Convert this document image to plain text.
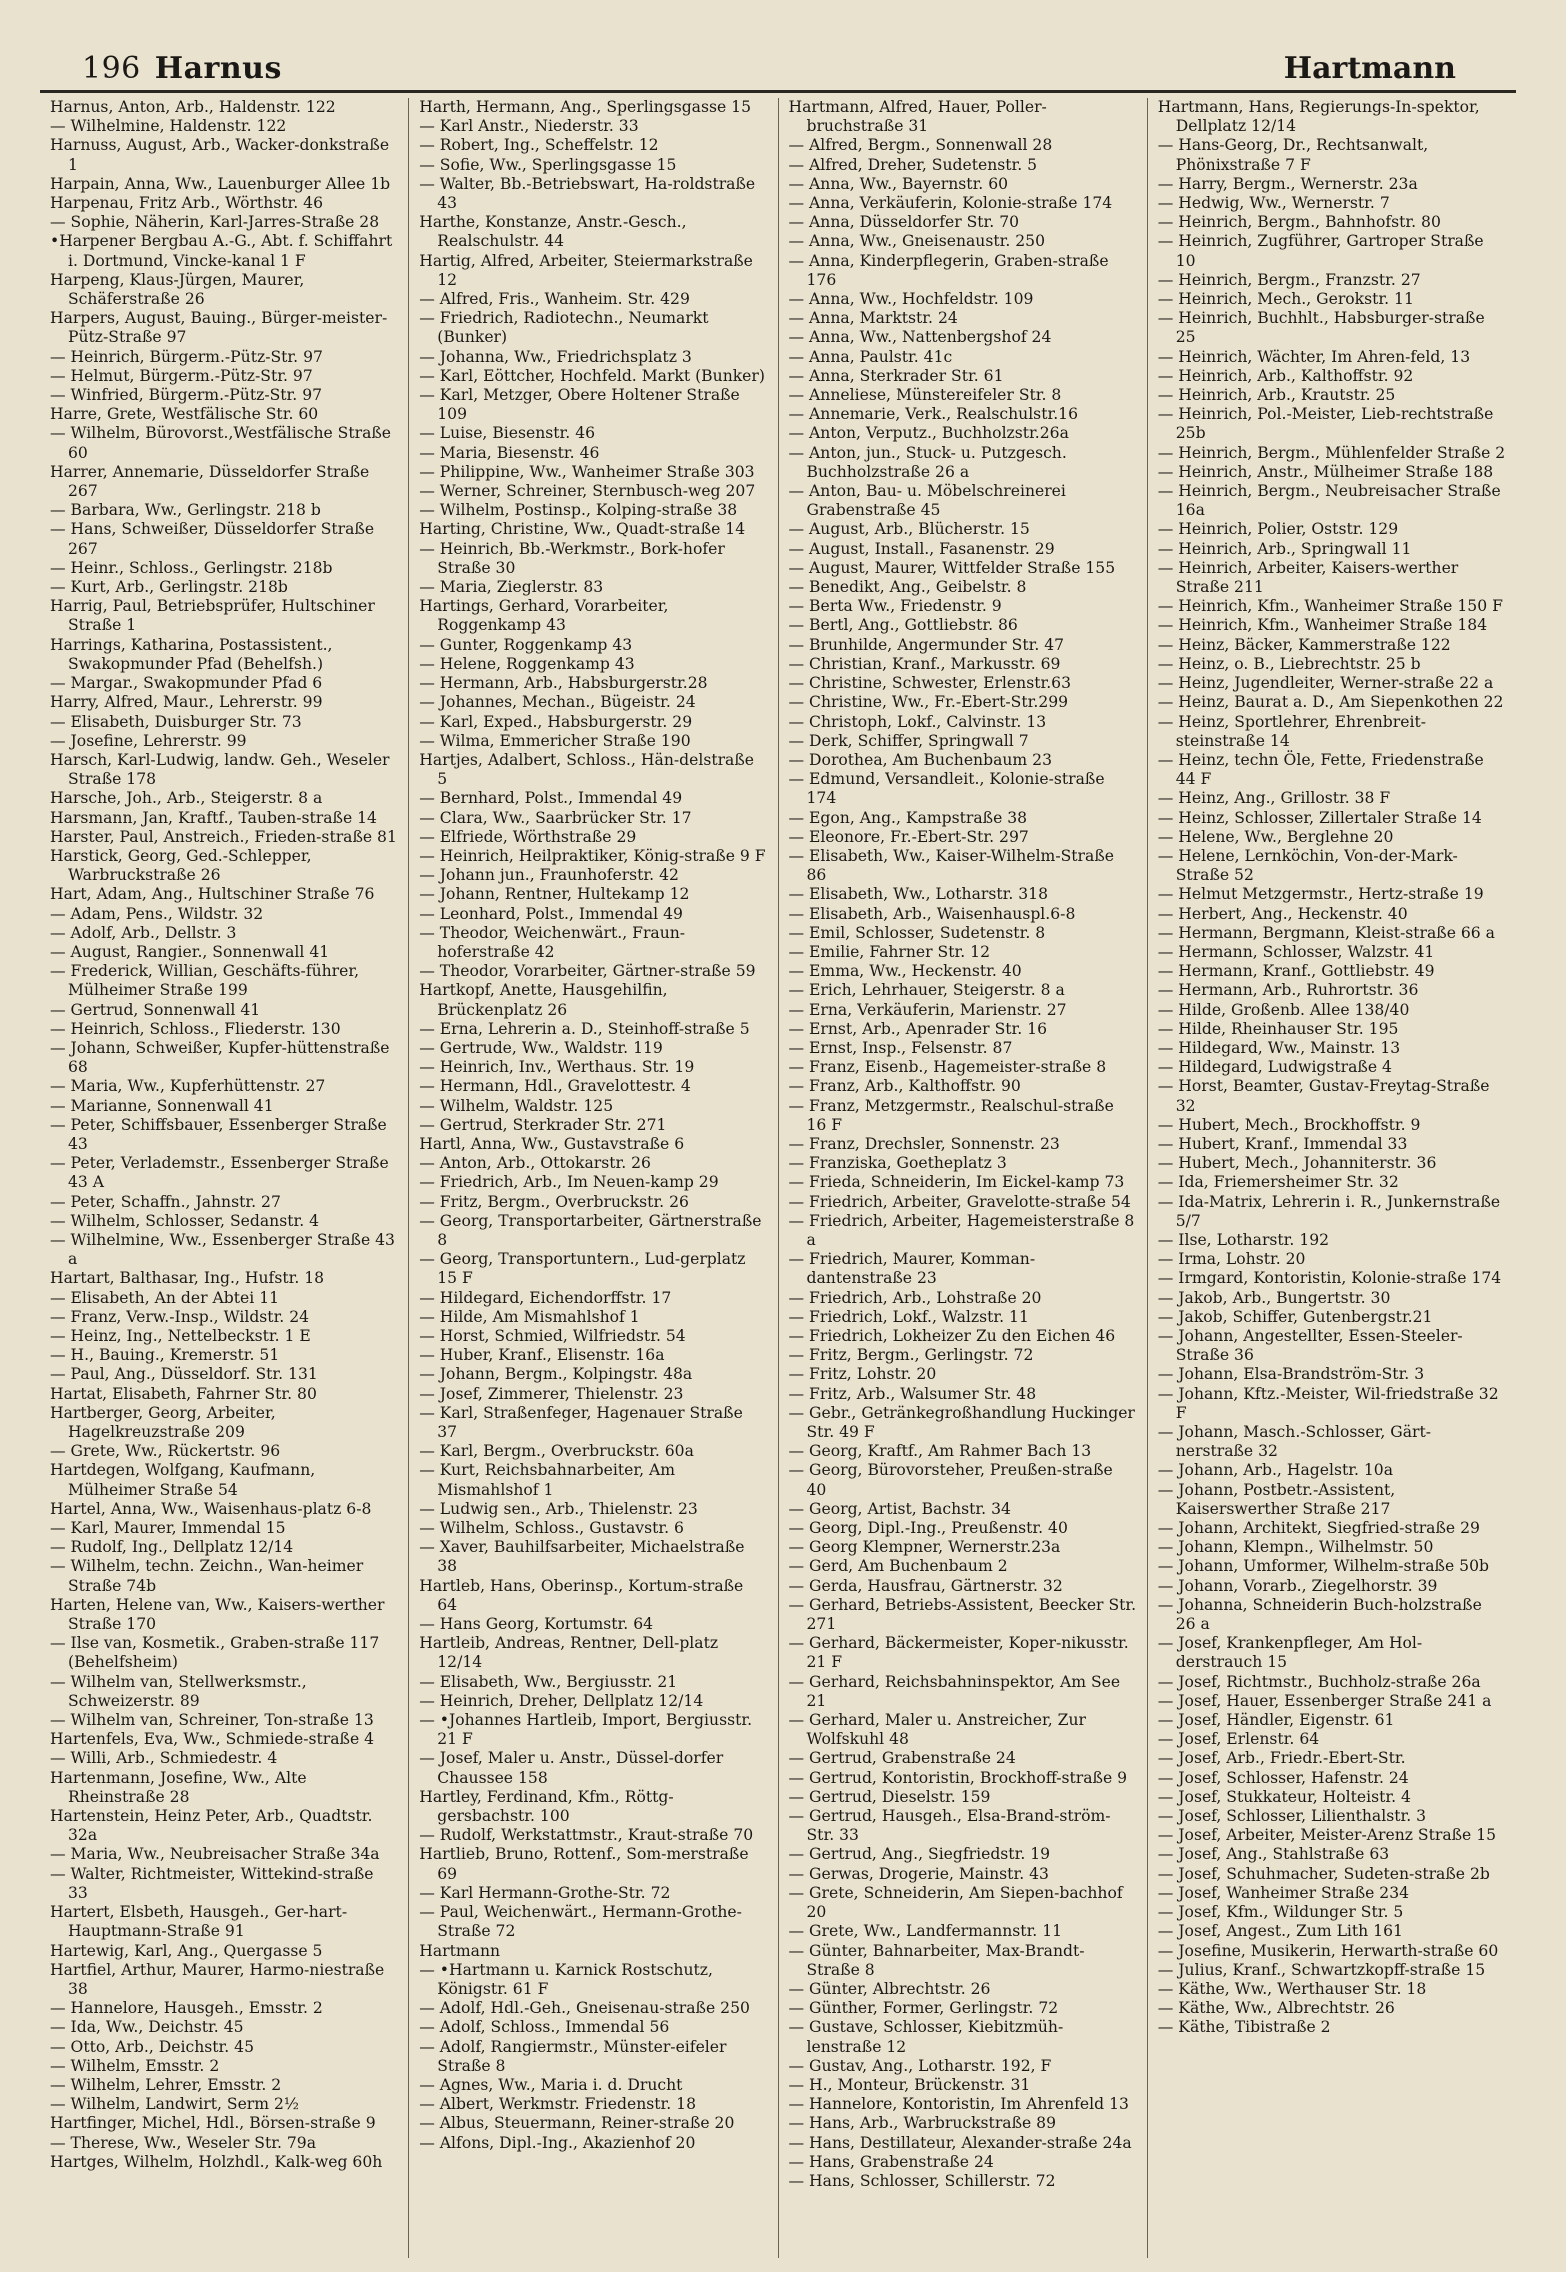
196 Harnus	Hartmann
Harnus, Anton, Arb., Haldenstr. 122
— Wilhelmine, Haldenstr. 122
Harnuss, August, Arb., Wacker-donkstraße 1
Harpain, Anna, Ww., Lauenburger Allee 1b
Harpenau, Fritz Arb., Wörthstr. 46
— Sophie, Näherin, Karl-Jarres-Straße 28
•Harpener Bergbau A.-G., Abt. f. Schiffahrt i. Dortmund, Vincke-kanal 1 F
Harpeng, Klaus-Jürgen, Maurer, Schäferstraße 26
Harpers, August, Bauing., Bürger-meister-Pütz-Straße 97
— Heinrich, Bürgerm.-Pütz-Str. 97
— Helmut, Bürgerm.-Pütz-Str. 97
— Winfried, Bürgerm.-Pütz-Str. 97
Harre, Grete, Westfälische Str. 60
— Wilhelm, Bürovorst.,Westfälische Straße 60
Harrer, Annemarie, Düsseldorfer Straße 267
— Barbara, Ww., Gerlingstr. 218 b
— Hans, Schweißer, Düsseldorfer Straße 267
— Heinr., Schloss., Gerlingstr. 218b
— Kurt, Arb., Gerlingstr. 218b
Harrig, Paul, Betriebsprüfer, Hultschiner Straße 1
Harrings, Katharina, Postassistent., Swakopmunder Pfad (Behelfsh.)
— Margar., Swakopmunder Pfad 6
Harry, Alfred, Maur., Lehrerstr. 99
— Elisabeth, Duisburger Str. 73
— Josefine, Lehrerstr. 99
Harsch, Karl-Ludwig, landw. Geh., Weseler Straße 178
Harsche, Joh., Arb., Steigerstr. 8 a
Harsmann, Jan, Kraftf., Tauben-straße 14
Harster, Paul, Anstreich., Frieden-straße 81
Harstick, Georg, Ged.-Schlepper, Warbruckstraße 26
Hart, Adam, Ang., Hultschiner Straße 76
— Adam, Pens., Wildstr. 32
— Adolf, Arb., Dellstr. 3
— August, Rangier., Sonnenwall 41
— Frederick, Willian, Geschäfts-führer, Mülheimer Straße 199
— Gertrud, Sonnenwall 41
— Heinrich, Schloss., Fliederstr. 130
— Johann, Schweißer, Kupfer-hüttenstraße 68
— Maria, Ww., Kupferhüttenstr. 27
— Marianne, Sonnenwall 41
— Peter, Schiffsbauer, Essenberger Straße 43
— Peter, Verlademstr., Essenberger Straße 43 A
— Peter, Schaffn., Jahnstr. 27
— Wilhelm, Schlosser, Sedanstr. 4
— Wilhelmine, Ww., Essenberger Straße 43 a
Hartart, Balthasar, Ing., Hufstr. 18
— Elisabeth, An der Abtei 11
— Franz, Verw.-Insp., Wildstr. 24
— Heinz, Ing., Nettelbeckstr. 1 E
— H., Bauing., Kremerstr. 51
— Paul, Ang., Düsseldorf. Str. 131
Hartat, Elisabeth, Fahrner Str. 80
Hartberger, Georg, Arbeiter, Hagelkreuzstraße 209
— Grete, Ww., Rückertstr. 96
Hartdegen, Wolfgang, Kaufmann, Mülheimer Straße 54
Hartel, Anna, Ww., Waisenhaus-platz 6-8
— Karl, Maurer, Immendal 15
— Rudolf, Ing., Dellplatz 12/14
— Wilhelm, techn. Zeichn., Wan-heimer Straße 74b
Harten, Helene van, Ww., Kaisers-werther Straße 170
— Ilse van, Kosmetik., Graben-straße 117 (Behelfsheim)
— Wilhelm van, Stellwerksmstr., Schweizerstr. 89
— Wilhelm van, Schreiner, Ton-straße 13
Hartenfels, Eva, Ww., Schmiede-straße 4
— Willi, Arb., Schmiedestr. 4
Hartenmann, Josefine, Ww., Alte Rheinstraße 28
Hartenstein, Heinz Peter, Arb., Quadtstr. 32a
— Maria, Ww., Neubreisacher Straße 34a
— Walter, Richtmeister, Wittekind-straße 33
Hartert, Elsbeth, Hausgeh., Ger-hart-Hauptmann-Straße 91
Hartewig, Karl, Ang., Quergasse 5
Hartfiel, Arthur, Maurer, Harmo-niestraße 38
— Hannelore, Hausgeh., Emsstr. 2
— Ida, Ww., Deichstr. 45
— Otto, Arb., Deichstr. 45
— Wilhelm, Emsstr. 2
— Wilhelm, Lehrer, Emsstr. 2
— Wilhelm, Landwirt, Serm 2½
Hartfinger, Michel, Hdl., Börsen-straße 9
— Therese, Ww., Weseler Str. 79a
Hartges, Wilhelm, Holzhdl., Kalk-weg 60h
Harth, Hermann, Ang., Sperlingsgasse 15
— Karl Anstr., Niederstr. 33
— Robert, Ing., Scheffelstr. 12
— Sofie, Ww., Sperlingsgasse 15
— Walter, Bb.-Betriebswart, Ha-roldstraße 43
Harthe, Konstanze, Anstr.-Gesch., Realschulstr. 44
Hartig, Alfred, Arbeiter, Steiermarkstraße 12
— Alfred, Fris., Wanheim. Str. 429
— Friedrich, Radiotechn., Neumarkt (Bunker)
— Johanna, Ww., Friedrichsplatz 3
— Karl, Eöttcher, Hochfeld. Markt (Bunker)
— Karl, Metzger, Obere Holtener Straße 109
— Luise, Biesenstr. 46
— Maria, Biesenstr. 46
— Philippine, Ww., Wanheimer Straße 303
— Werner, Schreiner, Sternbusch-weg 207
— Wilhelm, Postinsp., Kolping-straße 38
Harting, Christine, Ww., Quadt-straße 14
— Heinrich, Bb.-Werkmstr., Bork-hofer Straße 30
— Maria, Zieglerstr. 83
Hartings, Gerhard, Vorarbeiter, Roggenkamp 43
— Gunter, Roggenkamp 43
— Helene, Roggenkamp 43
— Hermann, Arb., Habsburgerstr.28
— Johannes, Mechan., Bügeistr. 24
— Karl, Exped., Habsburgerstr. 29
— Wilma, Emmericher Straße 190
Hartjes, Adalbert, Schloss., Hän-delstraße 5
— Bernhard, Polst., Immendal 49
— Clara, Ww., Saarbrücker Str. 17
— Elfriede, Wörthstraße 29
— Heinrich, Heilpraktiker, König-straße 9 F
— Johann jun., Fraunhoferstr. 42
— Johann, Rentner, Hultekamp 12
— Leonhard, Polst., Immendal 49
— Theodor, Weichenwärt., Fraun-hoferstraße 42
— Theodor, Vorarbeiter, Gärtner-straße 59
Hartkopf, Anette, Hausgehilfin, Brückenplatz 26
— Erna, Lehrerin a. D., Steinhoff-straße 5
— Gertrude, Ww., Waldstr. 119
— Heinrich, Inv., Werthaus. Str. 19
— Hermann, Hdl., Gravelottestr. 4
— Wilhelm, Waldstr. 125
— Gertrud, Sterkrader Str. 271
Hartl, Anna, Ww., Gustavstraße 6
— Anton, Arb., Ottokarstr. 26
— Friedrich, Arb., Im Neuen-kamp 29
— Fritz, Bergm., Overbruckstr. 26
— Georg, Transportarbeiter, Gärtnerstraße 8
— Georg, Transportuntern., Lud-gerplatz 15 F
— Hildegard, Eichendorffstr. 17
— Hilde, Am Mismahlshof 1
— Horst, Schmied, Wilfriedstr. 54
— Huber, Kranf., Elisenstr. 16a
— Johann, Bergm., Kolpingstr. 48a
— Josef, Zimmerer, Thielenstr. 23
— Karl, Straßenfeger, Hagenauer Straße 37
— Karl, Bergm., Overbruckstr. 60a
— Kurt, Reichsbahnarbeiter, Am Mismahlshof 1
— Ludwig sen., Arb., Thielenstr. 23
— Wilhelm, Schloss., Gustavstr. 6
— Xaver, Bauhilfsarbeiter, Michaelstraße 38
Hartleb, Hans, Oberinsp., Kortum-straße 64
— Hans Georg, Kortumstr. 64
Hartleib, Andreas, Rentner, Dell-platz 12/14
— Elisabeth, Ww., Bergiusstr. 21
— Heinrich, Dreher, Dellplatz 12/14
— •Johannes Hartleib, Import, Bergiusstr. 21 F
— Josef, Maler u. Anstr., Düssel-dorfer Chaussee 158
Hartley, Ferdinand, Kfm., Röttg-gersbachstr. 100
— Rudolf, Werkstattmstr., Kraut-straße 70
Hartlieb, Bruno, Rottenf., Som-merstraße 69
— Karl Hermann-Grothe-Str. 72
— Paul, Weichenwärt., Hermann-Grothe-Straße 72
Hartmann
— •Hartmann u. Karnick Rostschutz, Königstr. 61 F
— Adolf, Hdl.-Geh., Gneisenau-straße 250
— Adolf, Schloss., Immendal 56
— Adolf, Rangiermstr., Münster-eifeler Straße 8
— Agnes, Ww., Maria i. d. Drucht
— Albert, Werkmstr. Friedenstr. 18
— Albus, Steuermann, Reiner-straße 20
— Alfons, Dipl.-Ing., Akazienhof 20
Hartmann, Alfred, Hauer, Poller-bruchstraße 31
— Alfred, Bergm., Sonnenwall 28
— Alfred, Dreher, Sudetenstr. 5
— Anna, Ww., Bayernstr. 60
— Anna, Verkäuferin, Kolonie-straße 174
— Anna, Düsseldorfer Str. 70
— Anna, Ww., Gneisenaustr. 250
— Anna, Kinderpflegerin, Graben-straße 176
— Anna, Ww., Hochfeldstr. 109
— Anna, Marktstr. 24
— Anna, Ww., Nattenbergshof 24
— Anna, Paulstr. 41c
— Anna, Sterkrader Str. 61
— Anneliese, Münstereifeler Str. 8
— Annemarie, Verk., Realschulstr.16
— Anton, Verputz., Buchholzstr.26a
— Anton, jun., Stuck- u. Putzgesch. Buchholzstraße 26 a
— Anton, Bau- u. Möbelschreinerei Grabenstraße 45
— August, Arb., Blücherstr. 15
— August, Install., Fasanenstr. 29
— August, Maurer, Wittfelder Straße 155
— Benedikt, Ang., Geibelstr. 8
— Berta Ww., Friedenstr. 9
— Bertl, Ang., Gottliebstr. 86
— Brunhilde, Angermunder Str. 47
— Christian, Kranf., Markusstr. 69
— Christine, Schwester, Erlenstr.63
— Christine, Ww., Fr.-Ebert-Str.299
— Christoph, Lokf., Calvinstr. 13
— Derk, Schiffer, Springwall 7
— Dorothea, Am Buchenbaum 23
— Edmund, Versandleit., Kolonie-straße 174
— Egon, Ang., Kampstraße 38
— Eleonore, Fr.-Ebert-Str. 297
— Elisabeth, Ww., Kaiser-Wilhelm-Straße 86
— Elisabeth, Ww., Lotharstr. 318
— Elisabeth, Arb., Waisenhauspl.6-8
— Emil, Schlosser, Sudetenstr. 8
— Emilie, Fahrner Str. 12
— Emma, Ww., Heckenstr. 40
— Erich, Lehrhauer, Steigerstr. 8 a
— Erna, Verkäuferin, Marienstr. 27
— Ernst, Arb., Apenrader Str. 16
— Ernst, Insp., Felsenstr. 87
— Franz, Eisenb., Hagemeister-straße 8
— Franz, Arb., Kalthoffstr. 90
— Franz, Metzgermstr., Realschul-straße 16 F
— Franz, Drechsler, Sonnenstr. 23
— Franziska, Goetheplatz 3
— Frieda, Schneiderin, Im Eickel-kamp 73
— Friedrich, Arbeiter, Gravelotte-straße 54
— Friedrich, Arbeiter, Hagemeisterstraße 8 a
— Friedrich, Maurer, Komman-dantenstraße 23
— Friedrich, Arb., Lohstraße 20
— Friedrich, Lokf., Walzstr. 11
— Friedrich, Lokheizer Zu den Eichen 46
— Fritz, Bergm., Gerlingstr. 72
— Fritz, Lohstr. 20
— Fritz, Arb., Walsumer Str. 48
— Gebr., Getränkegroßhandlung Huckinger Str. 49 F
— Georg, Kraftf., Am Rahmer Bach 13
— Georg, Bürovorsteher, Preußen-straße 40
— Georg, Artist, Bachstr. 34
— Georg, Dipl.-Ing., Preußenstr. 40
— Georg Klempner, Wernerstr.23a
— Gerd, Am Buchenbaum 2
— Gerda, Hausfrau, Gärtnerstr. 32
— Gerhard, Betriebs-Assistent, Beecker Str. 271
— Gerhard, Bäckermeister, Koper-nikusstr. 21 F
— Gerhard, Reichsbahninspektor, Am See 21
— Gerhard, Maler u. Anstreicher, Zur Wolfskuhl 48
— Gertrud, Grabenstraße 24
— Gertrud, Kontoristin, Brockhoff-straße 9
— Gertrud, Dieselstr. 159
— Gertrud, Hausgeh., Elsa-Brand-ström-Str. 33
— Gertrud, Ang., Siegfriedstr. 19
— Gerwas, Drogerie, Mainstr. 43
— Grete, Schneiderin, Am Siepen-bachhof 20
— Grete, Ww., Landfermannstr. 11
— Günter, Bahnarbeiter, Max-Brandt-Straße 8
— Günter, Albrechtstr. 26
— Günther, Former, Gerlingstr. 72
— Gustave, Schlosser, Kiebitzmüh-lenstraße 12
— Gustav, Ang., Lotharstr. 192, F
— H., Monteur, Brückenstr. 31
— Hannelore, Kontoristin, Im Ahrenfeld 13
— Hans, Arb., Warbruckstraße 89
— Hans, Destillateur, Alexander-straße 24a
— Hans, Grabenstraße 24
— Hans, Schlosser, Schillerstr. 72
Hartmann, Hans, Regierungs-In-spektor, Dellplatz 12/14
— Hans-Georg, Dr., Rechtsanwalt, Phönixstraße 7 F
— Harry, Bergm., Wernerstr. 23a
— Hedwig, Ww., Wernerstr. 7
— Heinrich, Bergm., Bahnhofstr. 80
— Heinrich, Zugführer, Gartroper Straße 10
— Heinrich, Bergm., Franzstr. 27
— Heinrich, Mech., Gerokstr. 11
— Heinrich, Buchhlt., Habsburger-straße 25
— Heinrich, Wächter, Im Ahren-feld, 13
— Heinrich, Arb., Kalthoffstr. 92
— Heinrich, Arb., Krautstr. 25
— Heinrich, Pol.-Meister, Lieb-rechtstraße 25b
— Heinrich, Bergm., Mühlenfelder Straße 2
— Heinrich, Anstr., Mülheimer Straße 188
— Heinrich, Bergm., Neubreisacher Straße 16a
— Heinrich, Polier, Oststr. 129
— Heinrich, Arb., Springwall 11
— Heinrich, Arbeiter, Kaisers-werther Straße 211
— Heinrich, Kfm., Wanheimer Straße 150 F
— Heinrich, Kfm., Wanheimer Straße 184
— Heinz, Bäcker, Kammerstraße 122
— Heinz, o. B., Liebrechtstr. 25 b
— Heinz, Jugendleiter, Werner-straße 22 a
— Heinz, Baurat a. D., Am Siepenkothen 22
— Heinz, Sportlehrer, Ehrenbreit-steinstraße 14
— Heinz, techn Öle, Fette, Friedenstraße 44 F
— Heinz, Ang., Grillostr. 38 F
— Heinz, Schlosser, Zillertaler Straße 14
— Helene, Ww., Berglehne 20
— Helene, Lernköchin, Von-der-Mark-Straße 52
— Helmut Metzgermstr., Hertz-straße 19
— Herbert, Ang., Heckenstr. 40
— Hermann, Bergmann, Kleist-straße 66 a
— Hermann, Schlosser, Walzstr. 41
— Hermann, Kranf., Gottliebstr. 49
— Hermann, Arb., Ruhrortstr. 36
— Hilde, Großenb. Allee 138/40
— Hilde, Rheinhauser Str. 195
— Hildegard, Ww., Mainstr. 13
— Hildegard, Ludwigstraße 4
— Horst, Beamter, Gustav-Freytag-Straße 32
— Hubert, Mech., Brockhoffstr. 9
— Hubert, Kranf., Immendal 33
— Hubert, Mech., Johanniterstr. 36
— Ida, Friemersheimer Str. 32
— Ida-Matrix, Lehrerin i. R., Junkernstraße 5/7
— Ilse, Lotharstr. 192
— Irma, Lohstr. 20
— Irmgard, Kontoristin, Kolonie-straße 174
— Jakob, Arb., Bungertstr. 30
— Jakob, Schiffer, Gutenbergstr.21
— Johann, Angestellter, Essen-Steeler-Straße 36
— Johann, Elsa-Brandström-Str. 3
— Johann, Kftz.-Meister, Wil-friedstraße 32 F
— Johann, Masch.-Schlosser, Gärt-nerstraße 32
— Johann, Arb., Hagelstr. 10a
— Johann, Postbetr.-Assistent, Kaiserswerther Straße 217
— Johann, Architekt, Siegfried-straße 29
— Johann, Klempn., Wilhelmstr. 50
— Johann, Umformer, Wilhelm-straße 50b
— Johann, Vorarb., Ziegelhorstr. 39
— Johanna, Schneiderin Buch-holzstraße 26 a
— Josef, Krankenpfleger, Am Hol-derstrauch 15
— Josef, Richtmstr., Buchholz-straße 26a
— Josef, Hauer, Essenberger Straße 241 a
— Josef, Händler, Eigenstr. 61
— Josef, Erlenstr. 64
— Josef, Arb., Friedr.-Ebert-Str.
— Josef, Schlosser, Hafenstr. 24
— Josef, Stukkateur, Holteistr. 4
— Josef, Schlosser, Lilienthalstr. 3
— Josef, Arbeiter, Meister-Arenz Straße 15
— Josef, Ang., Stahlstraße 63
— Josef, Schuhmacher, Sudeten-straße 2b
— Josef, Wanheimer Straße 234
— Josef, Kfm., Wildunger Str. 5
— Josef, Angest., Zum Lith 161
— Josefine, Musikerin, Herwarth-straße 60
— Julius, Kranf., Schwartzkopff-straße 15
— Käthe, Ww., Werthauser Str. 18
— Käthe, Ww., Albrechtstr. 26
— Käthe, Tibistraße 2
